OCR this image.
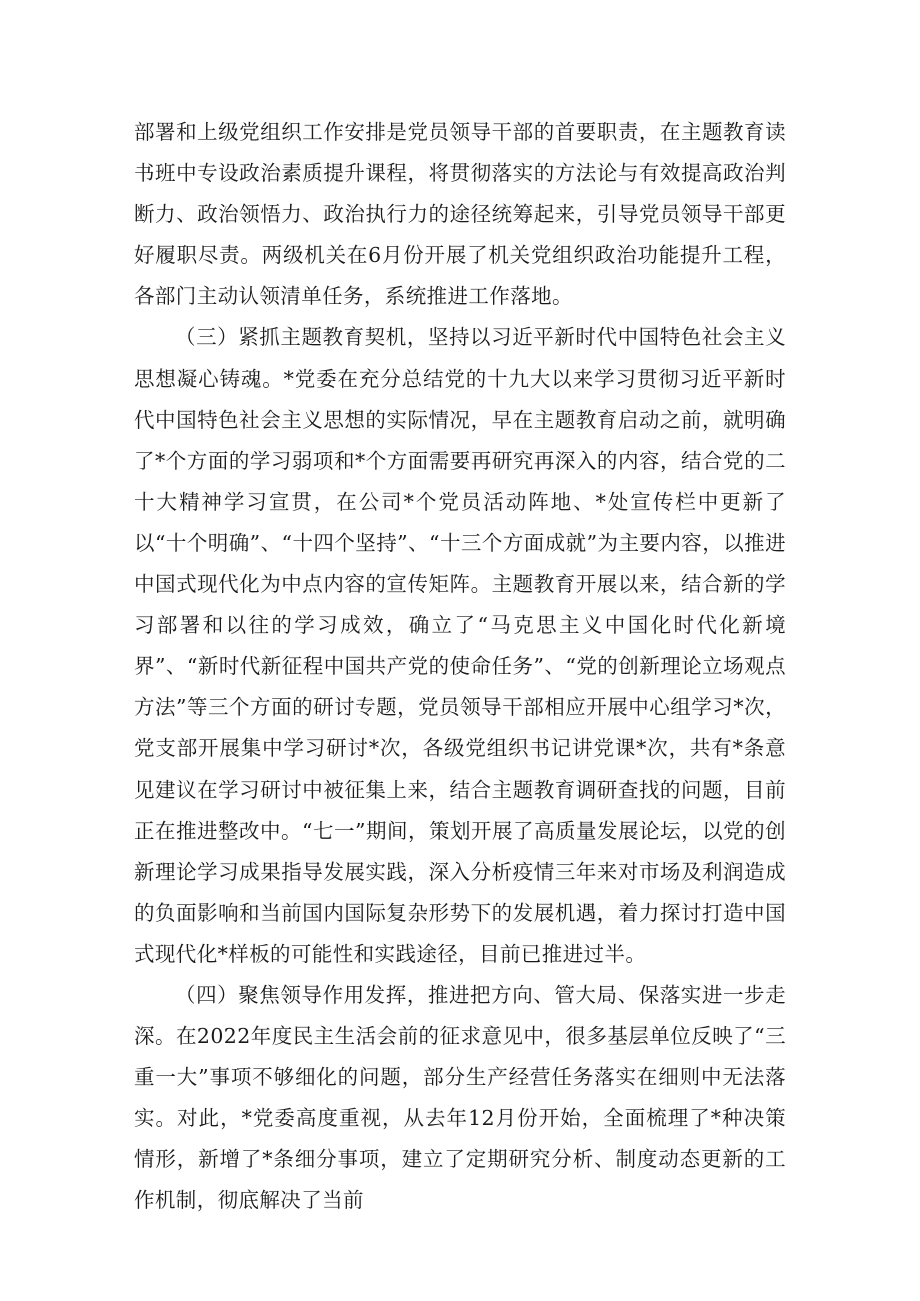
部署和上级党组织工作安排是党员领导干部的首要职责，在主题教育读书班中专设政治素质提升课程，将贯彻落实的方法论与有效提高政治判断力、政治领悟力、政治执行力的途径统筹起来，引导党员领导干部更好履职尽责。两级机关在6月份开展了机关党组织政治功能提升工程，各部门主动认领清单任务，系统推进工作落地。

（三）紧抓主题教育契机，坚持以习近平新时代中国特色社会主义思想凝心铸魂。*党委在充分总结党的十九大以来学习贯彻习近平新时代中国特色社会主义思想的实际情况，早在主题教育启动之前，就明确了*个方面的学习弱项和*个方面需要再研究再深入的内容，结合党的二十大精神学习宣贯，在公司*个党员活动阵地、*处宣传栏中更新了以“十个明确”、“十四个坚持”、“十三个方面成就”为主要内容，以推进中国式现代化为中点内容的宣传矩阵。主题教育开展以来，结合新的学习部署和以往的学习成效，确立了“马克思主义中国化时代化新境界”、“新时代新征程中国共产党的使命任务”、“党的创新理论立场观点方法”等三个方面的研讨专题，党员领导干部相应开展中心组学习*次，党支部开展集中学习研讨*次，各级党组织书记讲党课*次，共有*条意见建议在学习研讨中被征集上来，结合主题教育调研查找的问题，目前正在推进整改中。“七一”期间，策划开展了高质量发展论坛，以党的创新理论学习成果指导发展实践，深入分析疫情三年来对市场及利润造成的负面影响和当前国内国际复杂形势下的发展机遇，着力探讨打造中国式现代化*样板的可能性和实践途径，目前已推进过半。

（四）聚焦领导作用发挥，推进把方向、管大局、保落实进一步走深。在2022年度民主生活会前的征求意见中，很多基层单位反映了“三重一大”事项不够细化的问题，部分生产经营任务落实在细则中无法落实。对此，*党委高度重视，从去年12月份开始，全面梳理了*种决策情形，新增了*条细分事项，建立了定期研究分析、制度动态更新的工作机制，彻底解决了当前
